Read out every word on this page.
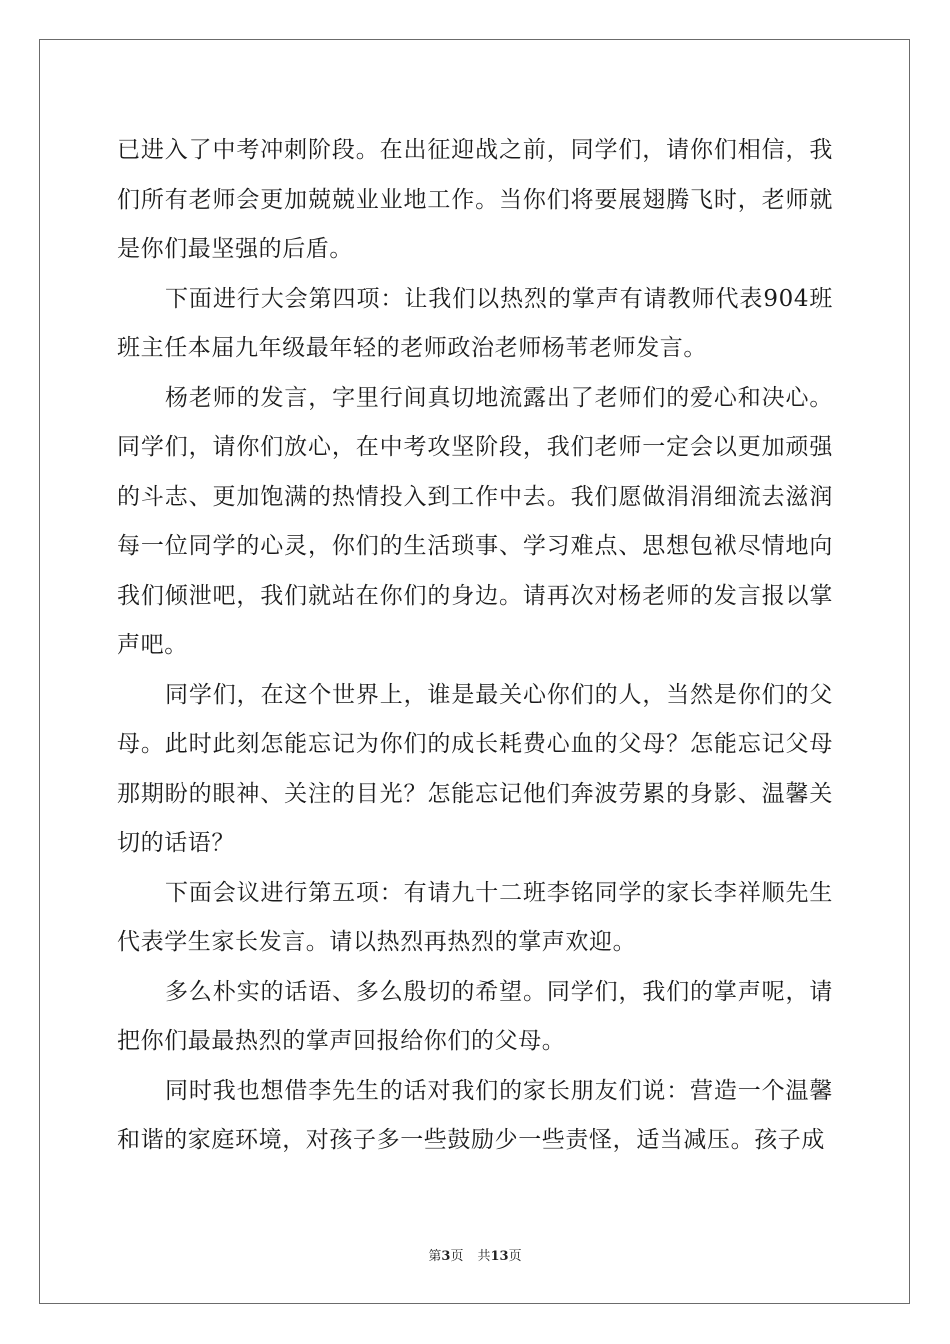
已进入了中考冲刺阶段。在出征迎战之前，同学们，请你们相信，我们所有老师会更加兢兢业业地工作。当你们将要展翅腾飞时，老师就是你们最坚强的后盾。

下面进行大会第四项：让我们以热烈的掌声有请教师代表904班班主任本届九年级最年轻的老师政治老师杨苇老师发言。

杨老师的发言，字里行间真切地流露出了老师们的爱心和决心。同学们，请你们放心，在中考攻坚阶段，我们老师一定会以更加顽强的斗志、更加饱满的热情投入到工作中去。我们愿做涓涓细流去滋润每一位同学的心灵，你们的生活琐事、学习难点、思想包袱尽情地向我们倾泄吧，我们就站在你们的身边。请再次对杨老师的发言报以掌声吧。

同学们，在这个世界上，谁是最关心你们的人，当然是你们的父母。此时此刻怎能忘记为你们的成长耗费心血的父母？怎能忘记父母那期盼的眼神、关注的目光？怎能忘记他们奔波劳累的身影、温馨关切的话语？

下面会议进行第五项：有请九十二班李铭同学的家长李祥顺先生代表学生家长发言。请以热烈再热烈的掌声欢迎。

多么朴实的话语、多么殷切的希望。同学们，我们的掌声呢，请把你们最最热烈的掌声回报给你们的父母。

同时我也想借李先生的话对我们的家长朋友们说：营造一个温馨和谐的家庭环境，对孩子多一些鼓励少一些责怪，适当减压。孩子成

第3页 共13页
